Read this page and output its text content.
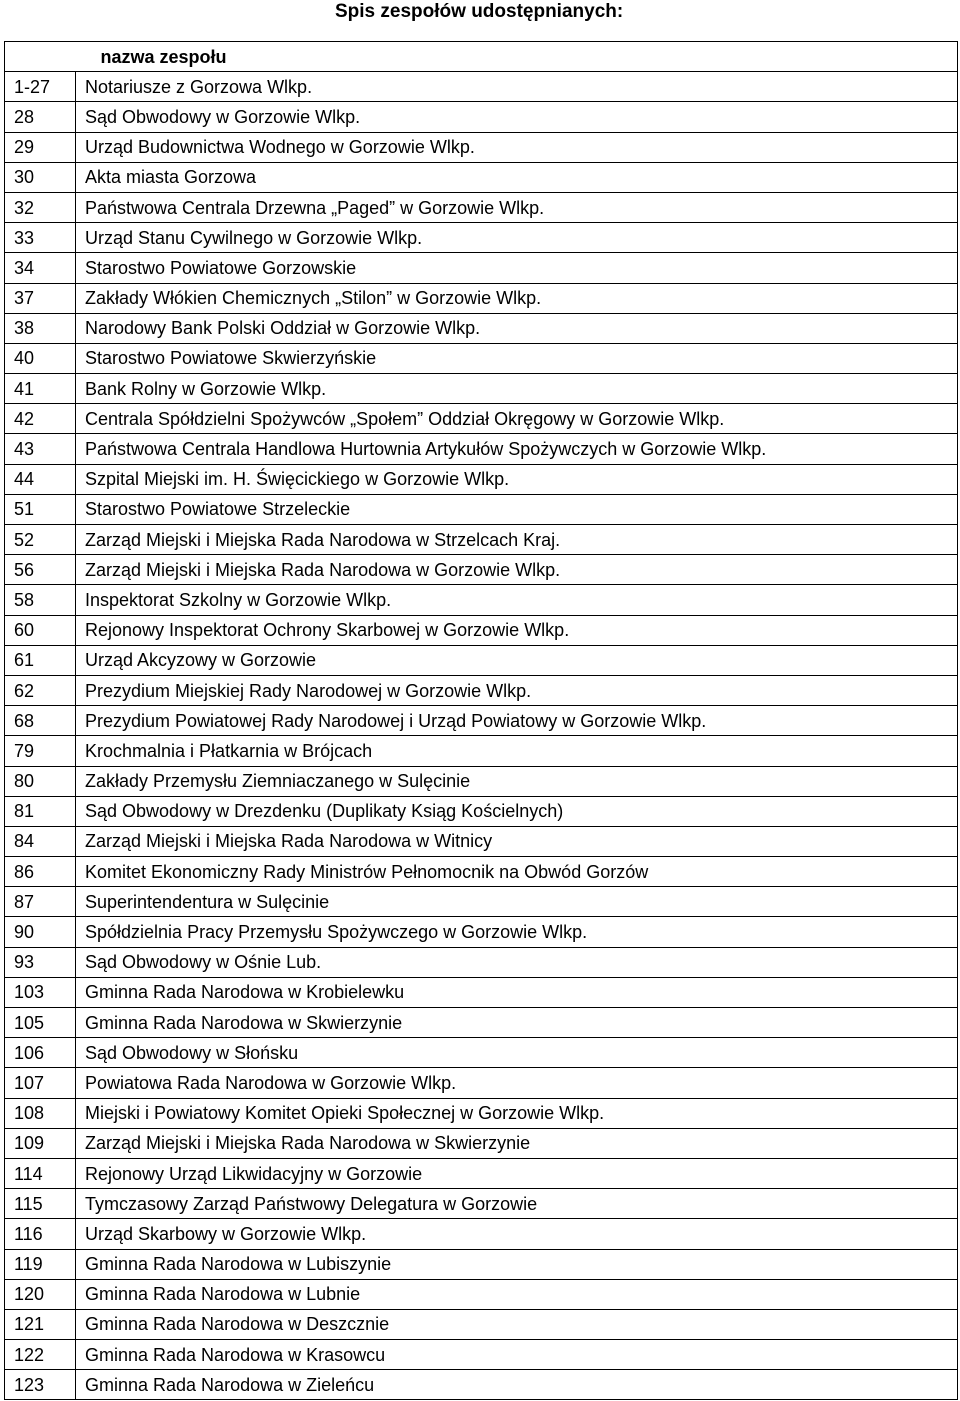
Spis zespołów udostępnianych:
	nazwa zespołu
1-27	Notariusze z Gorzowa Wlkp.
28	Sąd Obwodowy w Gorzowie Wlkp.
29	Urząd Budownictwa Wodnego w Gorzowie Wlkp.
30	Akta miasta Gorzowa
32	Państwowa Centrala Drzewna „Paged” w Gorzowie Wlkp.
33	Urząd Stanu Cywilnego w Gorzowie Wlkp.
34	Starostwo Powiatowe Gorzowskie
37	Zakłady Włókien Chemicznych „Stilon” w Gorzowie Wlkp.
38	Narodowy Bank Polski Oddział w Gorzowie Wlkp.
40	Starostwo Powiatowe Skwierzyńskie
41	Bank Rolny w Gorzowie Wlkp.
42	Centrala Spółdzielni Spożywców „Społem” Oddział Okręgowy w Gorzowie Wlkp.
43	Państwowa Centrala Handlowa Hurtownia Artykułów Spożywczych w Gorzowie Wlkp.
44	Szpital Miejski im. H. Święcickiego w Gorzowie Wlkp.
51	Starostwo Powiatowe Strzeleckie
52	Zarząd Miejski i Miejska Rada Narodowa w Strzelcach Kraj.
56	Zarząd Miejski i Miejska Rada Narodowa w Gorzowie Wlkp.
58	Inspektorat Szkolny w Gorzowie Wlkp.
60	Rejonowy Inspektorat Ochrony Skarbowej w Gorzowie Wlkp.
61	Urząd Akcyzowy w Gorzowie
62	Prezydium Miejskiej Rady Narodowej w Gorzowie Wlkp.
68	Prezydium Powiatowej Rady Narodowej i Urząd Powiatowy w Gorzowie Wlkp.
79	Krochmalnia i Płatkarnia w Brójcach
80	Zakłady Przemysłu Ziemniaczanego w Sulęcinie
81	Sąd Obwodowy w Drezdenku (Duplikaty Ksiąg Kościelnych)
84	Zarząd Miejski i Miejska Rada Narodowa w Witnicy
86	Komitet Ekonomiczny Rady Ministrów Pełnomocnik na Obwód Gorzów
87	Superintendentura w Sulęcinie
90	Spółdzielnia Pracy Przemysłu Spożywczego w Gorzowie Wlkp.
93	Sąd Obwodowy w Ośnie Lub.
103	Gminna Rada Narodowa w Krobielewku
105	Gminna Rada Narodowa w Skwierzynie
106	Sąd Obwodowy w Słońsku
107	Powiatowa Rada Narodowa w Gorzowie Wlkp.
108	Miejski i Powiatowy Komitet Opieki Społecznej w Gorzowie Wlkp.
109	Zarząd Miejski i Miejska Rada Narodowa w Skwierzynie
114	Rejonowy Urząd Likwidacyjny w Gorzowie
115	Tymczasowy Zarząd Państwowy Delegatura w Gorzowie
116	Urząd Skarbowy w Gorzowie Wlkp.
119	Gminna Rada Narodowa w Lubiszynie
120	Gminna Rada Narodowa w Lubnie
121	Gminna Rada Narodowa w Deszcznie
122	Gminna Rada Narodowa w Krasowcu
123	Gminna Rada Narodowa w Zieleńcu
